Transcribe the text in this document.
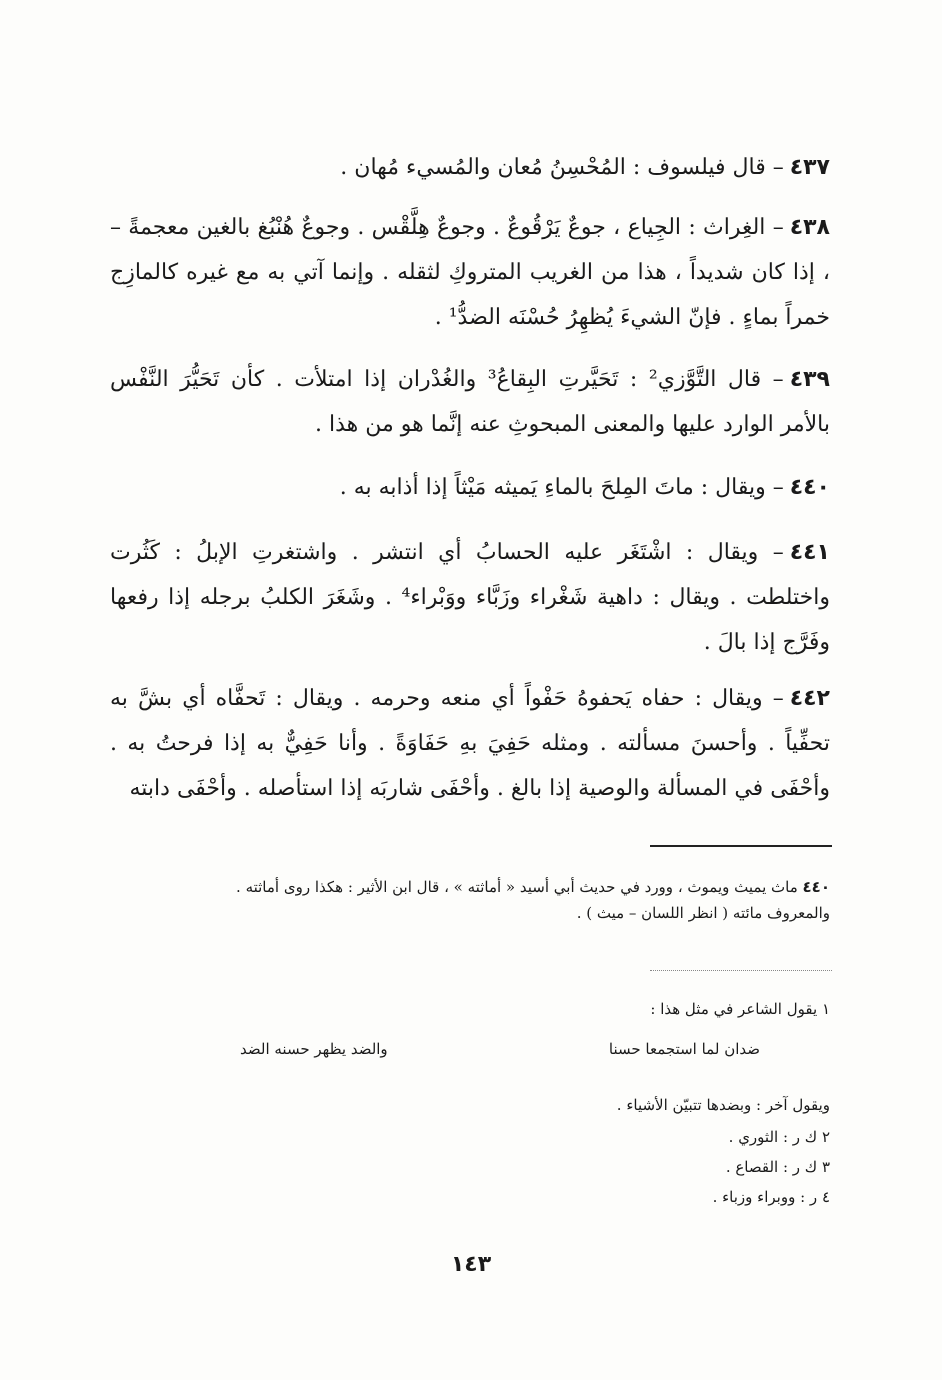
٤٣٧– قال فيلسوف : المُحْسِنُ مُعان والمُسيء مُهان .
٤٣٨– الغِراث : الجِياع ، جوعٌ يَرْقُوعٌ . وجوعٌ هِلَّقْس . وجوعٌ هُنْبُغ بالغين معجمةً – ، إذا كان شديداً ، هذا من الغريب المتروكِ لثقله . وإنما آتي به مع غيره كالمازِج خمراً بماءٍ . فإنّ الشيءَ يُظهِرُ حُسْنَه الضدُّ¹ .
٤٣٩– قال التَّوَّزي² : تَحَيَّرتِ البِقاعُ³ والغُدْران إذا امتلأت . كأن تَحَيُّرَ النَّفْس بالأمر الوارد عليها والمعنى المبحوثِ عنه إنَّما هو من هذا .
٤٤٠– ويقال : ماتَ المِلحَ بالماءِ يَميثه مَيْثاً إذا أذابه به .
٤٤١– ويقال : اشْتَغَر عليه الحسابُ أي انتشر . واشتغرتِ الإبلُ : كَثُرت واختلطت . ويقال : داهية شَغْراء وزَبَّاء ووَبْراء⁴ . وشَغَرَ الكلبُ برجله إذا رفعها وفَرَّج إذا بالَ .
٤٤٢– ويقال : حفاه يَحفوهُ حَفْواً أي منعه وحرمه . ويقال : تَحفَّاه أي بشَّ به تحفِّياً . وأحسنَ مسألته . ومثله حَفِيَ بهِ حَفَاوَةً . وأنا حَفِيٌّ به إذا فرحتُ به . وأحْفَى في المسألة والوصية إذا بالغ . وأحْفَى شاربَه إذا استأصله . وأحْفَى دابته
٤٤٠ ماث يميث ويموث ، وورد في حديث أبي أسيد « أماثته » ، قال ابن الأثير : هكذا روى أماثته .
والمعروف مائته ( انظر اللسان – ميث ) .
١ يقول الشاعر في مثل هذا :
ضدان لما استجمعا حسنا
والضد يظهر حسنه الضد
ويقول آخر : وبضدها تتبيّن الأشياء .
٢ ك ر : الثوري .
٣ ك ر : القصاع .
٤ ر : ووبراء وزباء .
١٤٣
